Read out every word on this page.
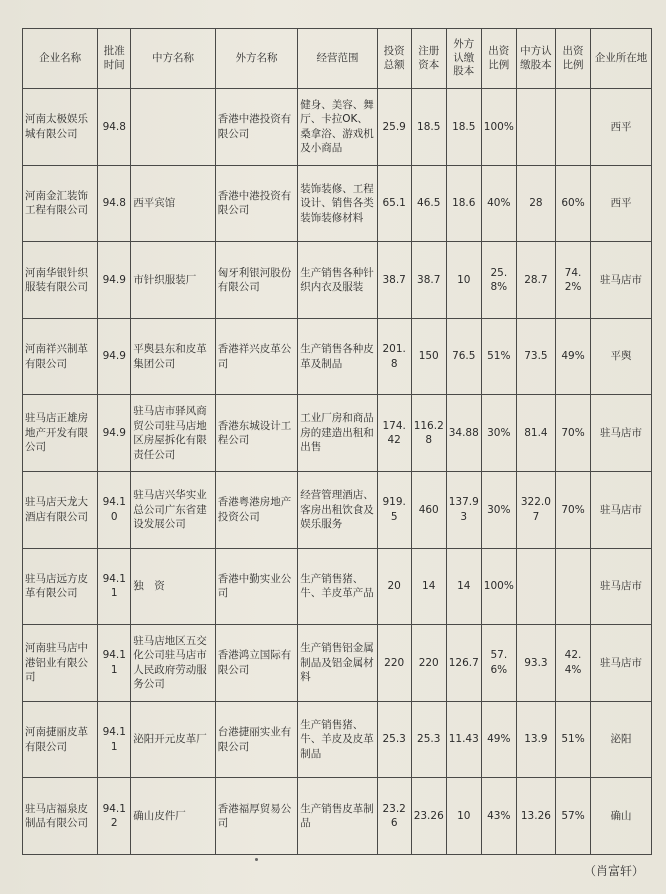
企业名称	批准时间	中方名称	外方名称	经营范围	投资总额	注册资本	外方认缴股本	出资比例	中方认缴股本	出资比例	企业所在地
河南太极娱乐城有限公司	94.8		香港中港投资有限公司	健身、美容、舞厅、卡拉OK、桑拿浴、游戏机及小商品	25.9	18.5	18.5	100%			西平
河南金汇装饰工程有限公司	94.8	西平宾馆	香港中港投资有限公司	装饰装修、工程设计、销售各类装饰装修材料	65.1	46.5	18.6	40%	28	60%	西平
河南华银针织服装有限公司	94.9	市针织服装厂	匈牙利银河股份有限公司	生产销售各种针织内衣及服装	38.7	38.7	10	25.8%	28.7	74.2%	驻马店市
河南祥兴制革有限公司	94.9	平舆县东和皮革集团公司	香港祥兴皮革公司	生产销售各种皮革及制品	201.8	150	76.5	51%	73.5	49%	平舆
驻马店正雄房地产开发有限公司	94.9	驻马店市驿风商贸公司驻马店地区房屋拆化有限责任公司	香港东城设计工程公司	工业厂房和商品房的建造出租和出售	174.42	116.28	34.88	30%	81.4	70%	驻马店市
驻马店天龙大酒店有限公司	94.10	驻马店兴华实业总公司广东省建设发展公司	香港粤港房地产投资公司	经营管理酒店、客房出租饮食及娱乐服务	919.5	460	137.93	30%	322.07	70%	驻马店市
驻马店远方皮革有限公司	94.11	独　资	香港中勤实业公司	生产销售猪、牛、羊皮革产品	20	14	14	100%			驻马店市
河南驻马店中港铝业有限公司	94.11	驻马店地区五交化公司驻马店市人民政府劳动服务公司	香港鸿立国际有限公司	生产销售铝金属制品及铝金属材料	220	220	126.7	57.6%	93.3	42.4%	驻马店市
河南捷丽皮革有限公司	94.11	泌阳开元皮革厂	台港捷丽实业有限公司	生产销售猪、牛、羊皮及皮革制品	25.3	25.3	11.43	49%	13.9	51%	泌阳
驻马店福泉皮制品有限公司	94.12	确山皮件厂	香港福厚贸易公司	生产销售皮革制品	23.26	23.26	10	43%	13.26	57%	确山
（肖富轩）
